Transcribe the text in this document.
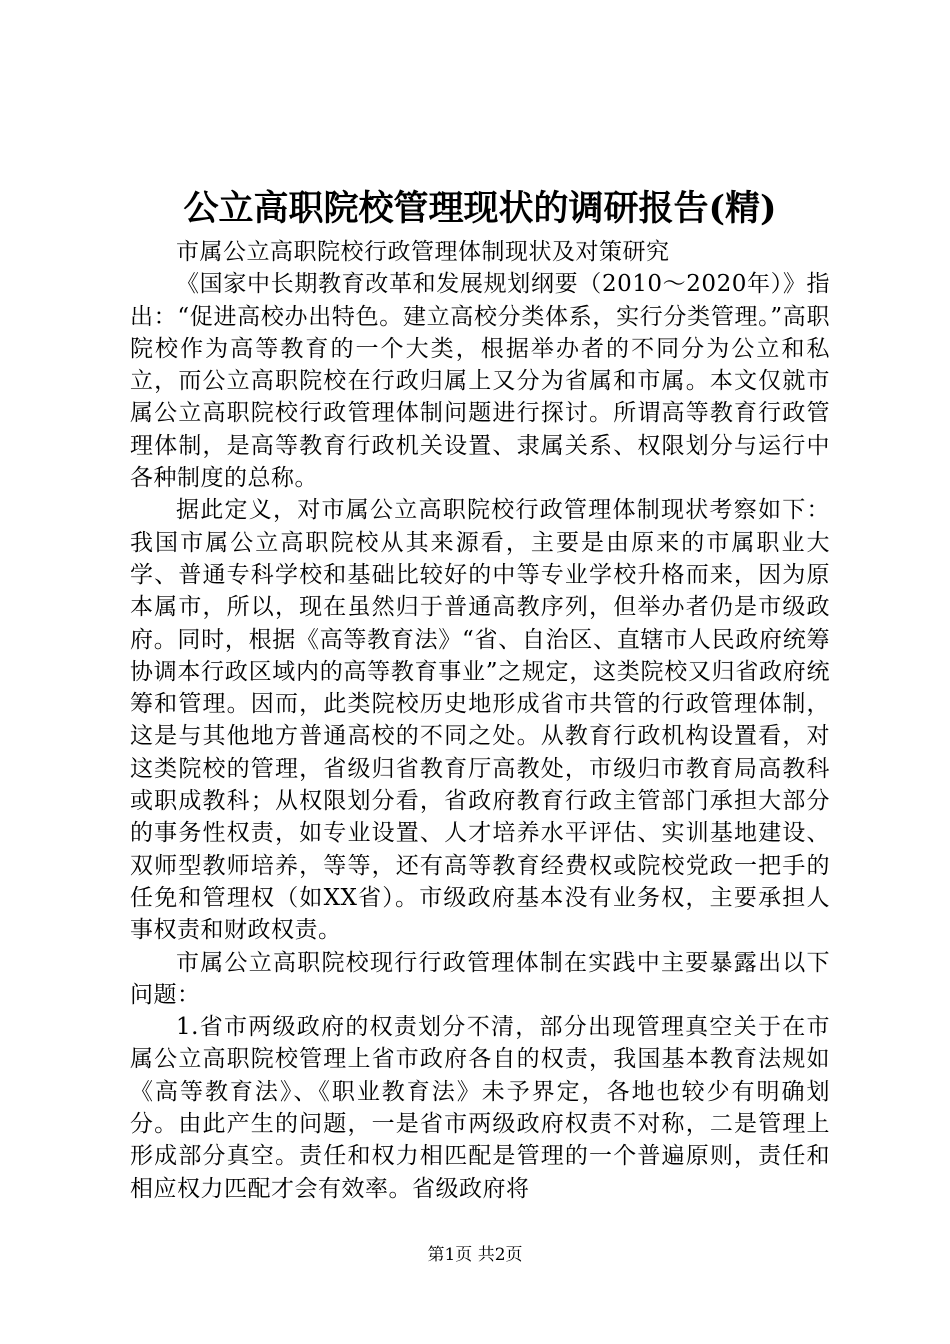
公立高职院校管理现状的调研报告(精)

市属公立高职院校行政管理体制现状及对策研究

《国家中长期教育改革和发展规划纲要（2010～2020年）》指出：“促进高校办出特色。建立高校分类体系，实行分类管理。”高职院校作为高等教育的一个大类，根据举办者的不同分为公立和私立，而公立高职院校在行政归属上又分为省属和市属。本文仅就市属公立高职院校行政管理体制问题进行探讨。所谓高等教育行政管理体制，是高等教育行政机关设置、隶属关系、权限划分与运行中各种制度的总称。

据此定义，对市属公立高职院校行政管理体制现状考察如下：我国市属公立高职院校从其来源看，主要是由原来的市属职业大学、普通专科学校和基础比较好的中等专业学校升格而来，因为原本属市，所以，现在虽然归于普通高教序列，但举办者仍是市级政府。同时，根据《高等教育法》“省、自治区、直辖市人民政府统筹协调本行政区域内的高等教育事业”之规定，这类院校又归省政府统筹和管理。因而，此类院校历史地形成省市共管的行政管理体制，这是与其他地方普通高校的不同之处。从教育行政机构设置看，对这类院校的管理，省级归省教育厅高教处，市级归市教育局高教科或职成教科；从权限划分看，省政府教育行政主管部门承担大部分的事务性权责，如专业设置、人才培养水平评估、实训基地建设、双师型教师培养，等等，还有高等教育经费权或院校党政一把手的任免和管理权（如XX省）。市级政府基本没有业务权，主要承担人事权责和财政权责。

市属公立高职院校现行行政管理体制在实践中主要暴露出以下问题：

1.省市两级政府的权责划分不清，部分出现管理真空关于在市属公立高职院校管理上省市政府各自的权责，我国基本教育法规如《高等教育法》、《职业教育法》未予界定，各地也较少有明确划分。由此产生的问题，一是省市两级政府权责不对称，二是管理上形成部分真空。责任和权力相匹配是管理的一个普遍原则，责任和相应权力匹配才会有效率。省级政府将

第1页 共2页
